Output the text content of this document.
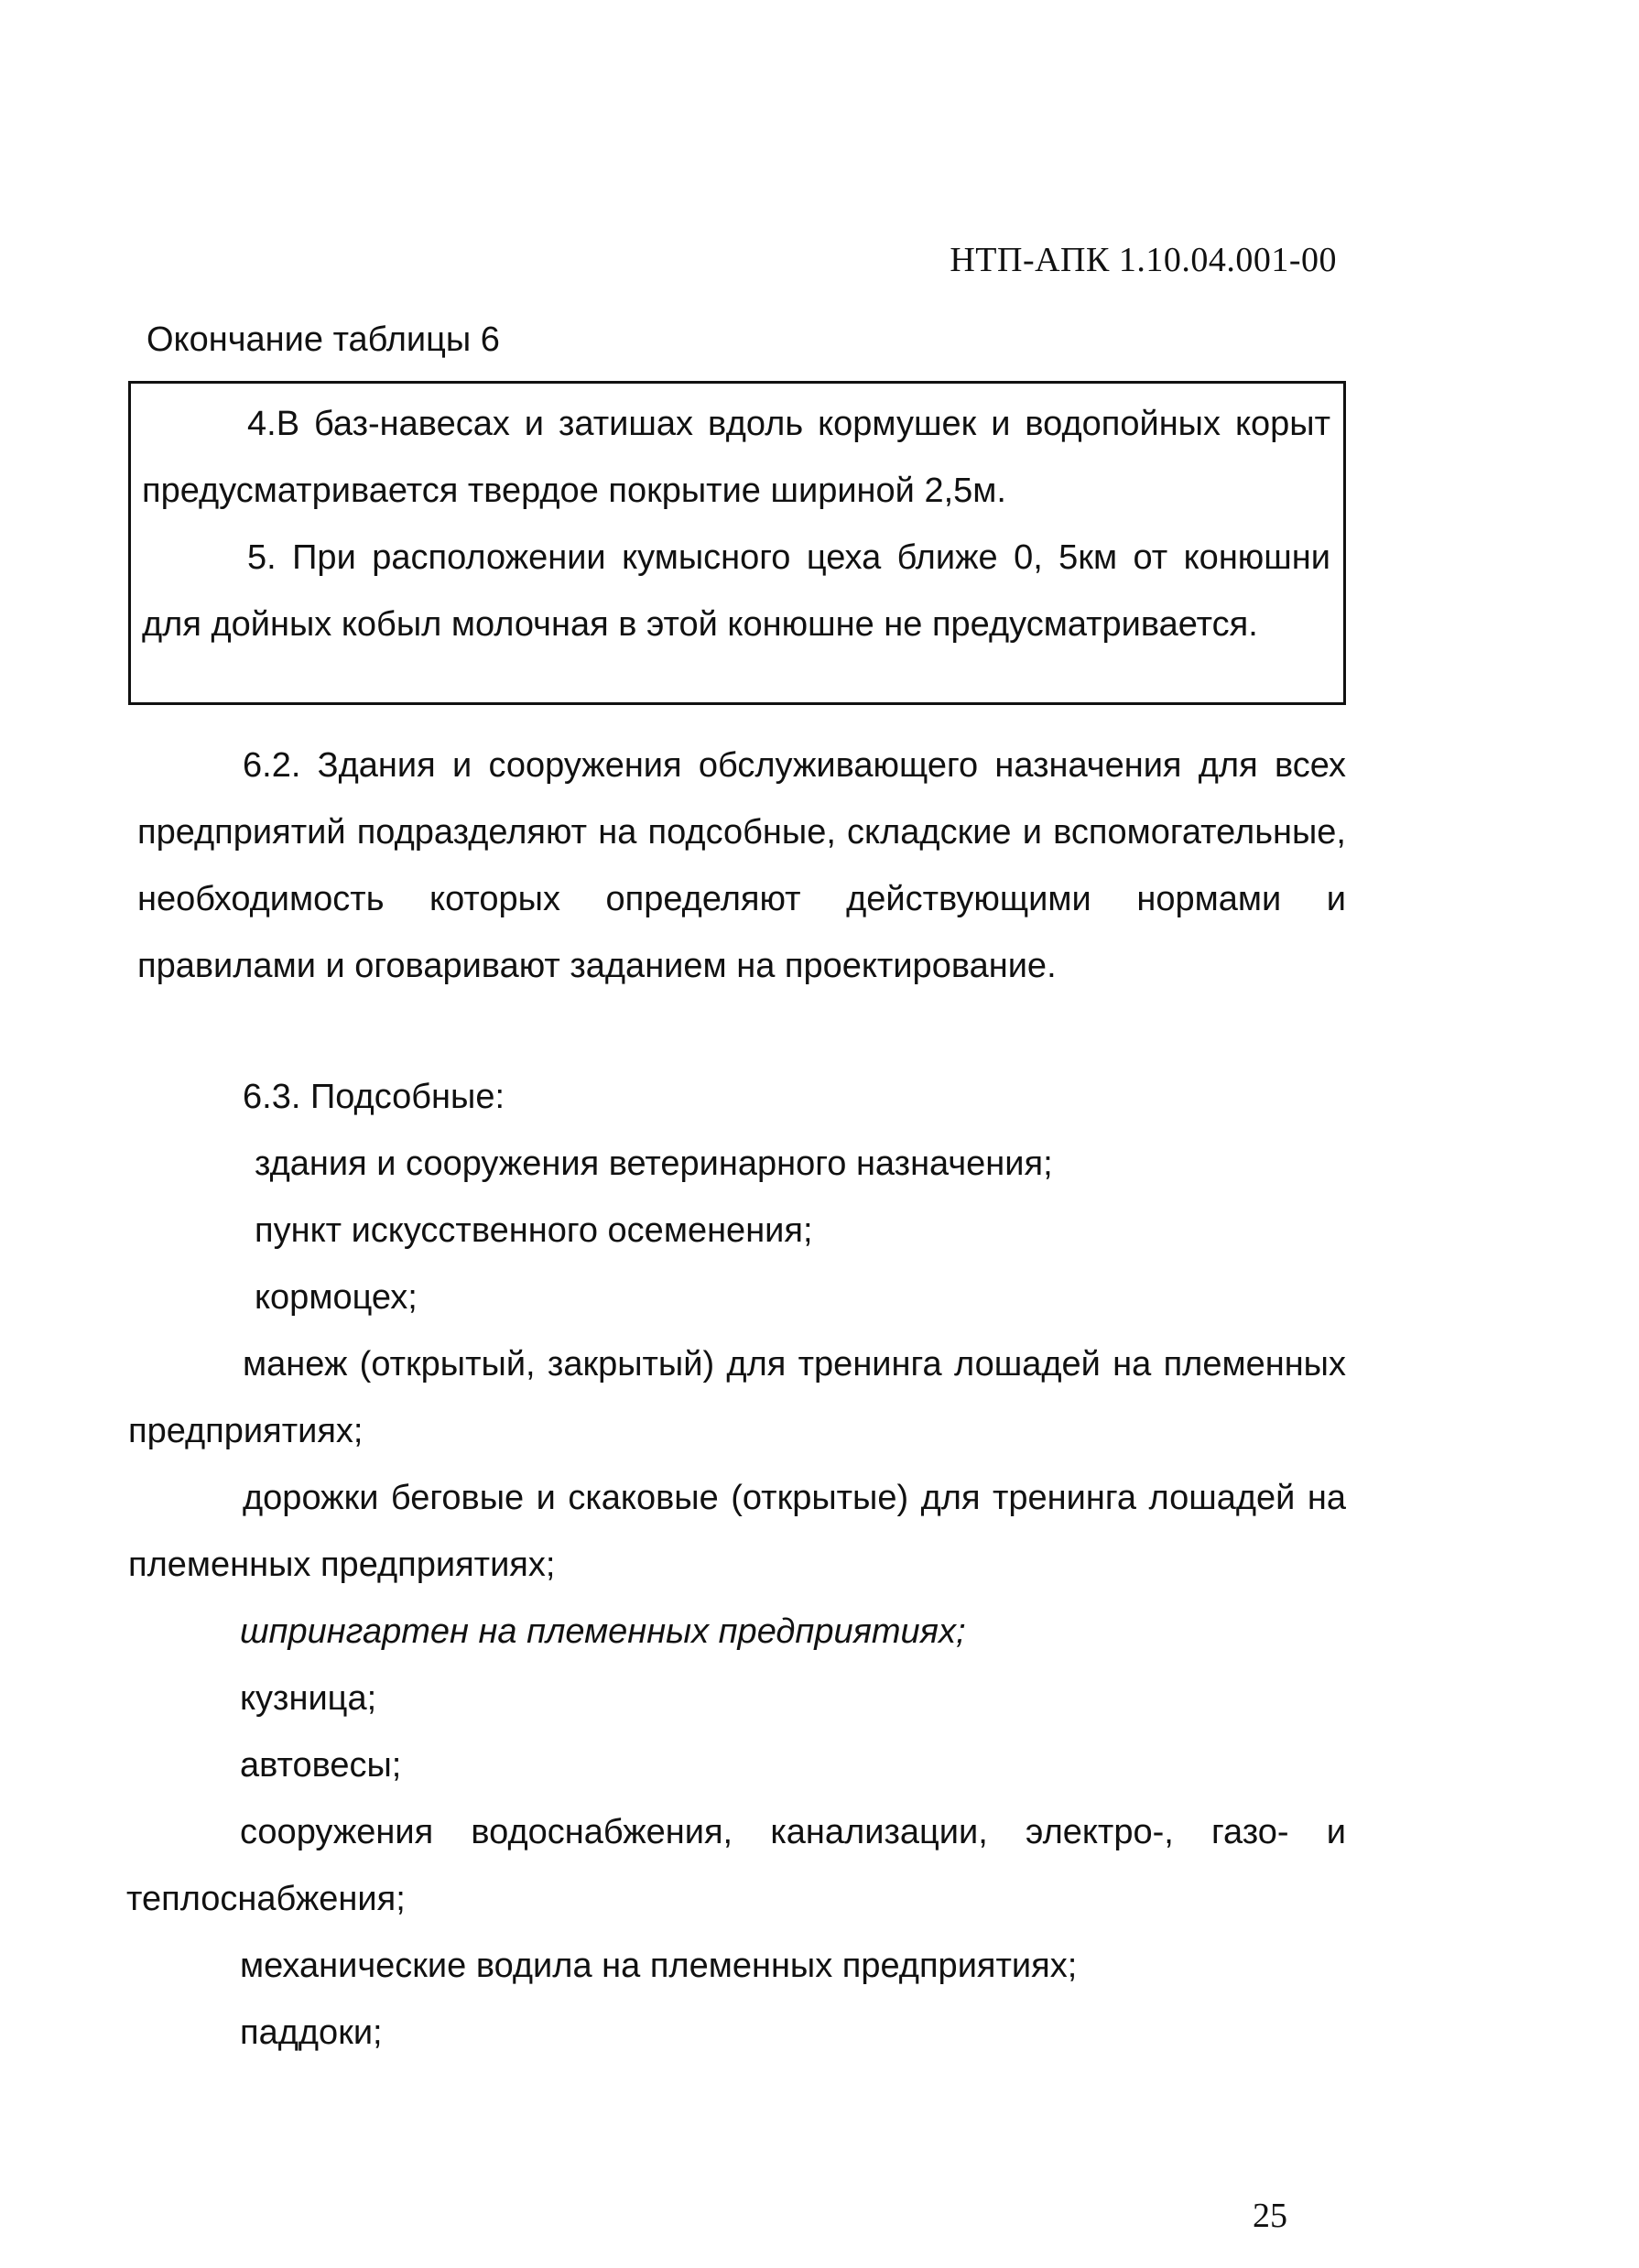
НТП-АПК 1.10.04.001-00
Окончание таблицы 6

4.В баз-навесах и затишах вдоль кормушек и водопойных корыт предусматривается твердое покрытие шириной 2,5м.

5. При расположении кумысного цеха ближе 0, 5км от конюшни для дойных кобыл молочная в этой конюшне не предусматривается.

6.2. Здания и сооружения обслуживающего назначения для всех предприятий подразделяют на подсобные, складские и вспомогательные, необходимость которых определяют действующими нормами и правилами и оговаривают заданием на проектирование.

6.3. Подсобные:

здания и сооружения ветеринарного назначения;

пункт искусственного осеменения;

кормоцех;

манеж (открытый, закрытый) для тренинга лошадей на племенных предприятиях;

дорожки беговые и скаковые (открытые) для тренинга лошадей на племенных предприятиях;

шпрингартен на племенных предприятиях;

кузница;

автовесы;

сооружения водоснабжения, канализации, электро-, газо- и теплоснабжения;

механические водила на племенных предприятиях;

паддоки;

25
